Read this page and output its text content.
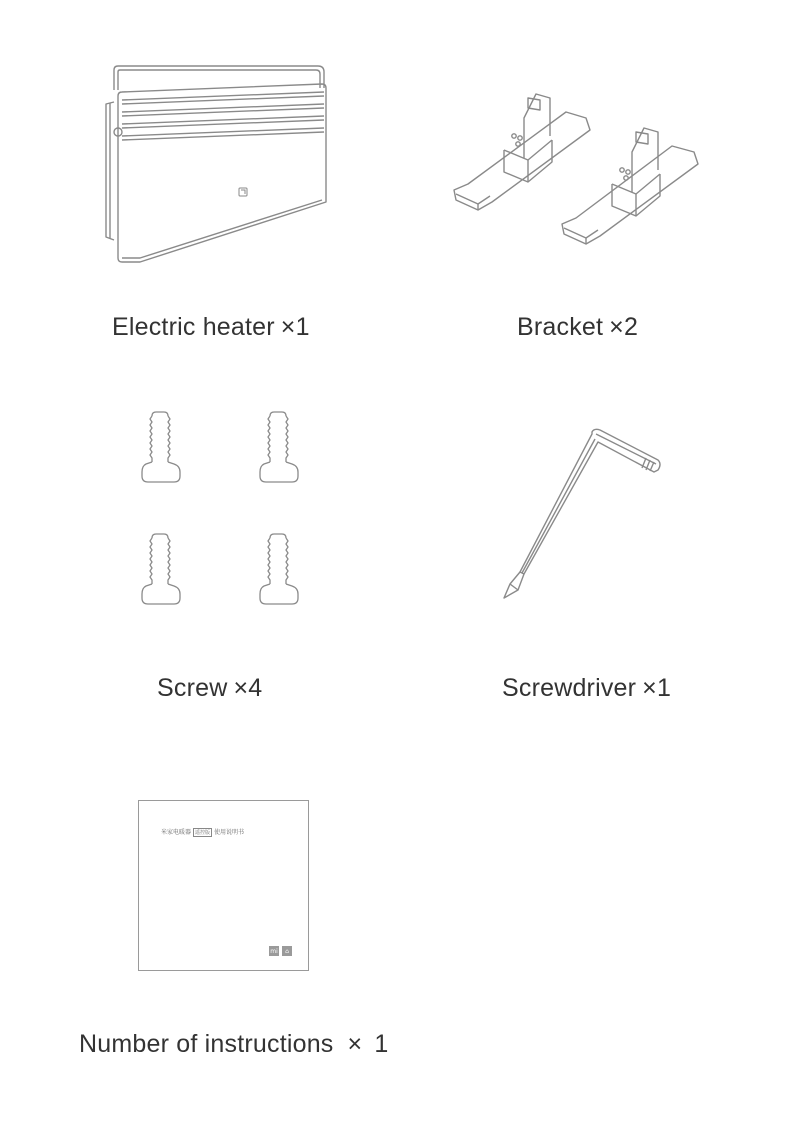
Electric heater ×1	Bracket ×2
Screw ×4	Screwdriver ×1
米家电暖器 遥控版 使用说明书
mi	⌂
Number of instructions × 1
